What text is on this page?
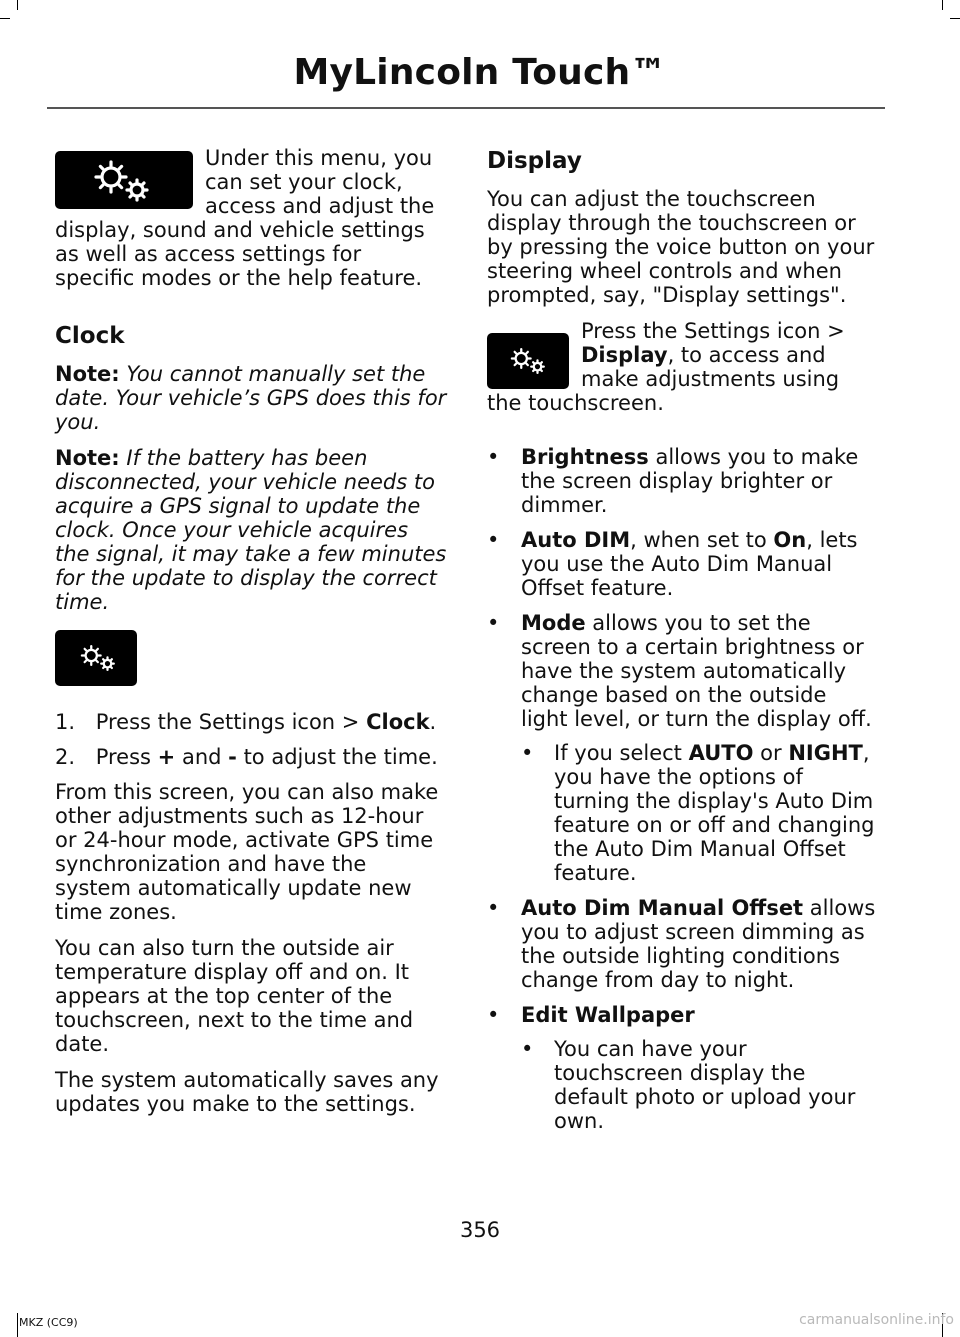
MyLincoln Touch™

Under this menu, you can set your clock, access and adjust the display, sound and vehicle settings as well as access settings for specific modes or the help feature.

Clock

Note: You cannot manually set the date. Your vehicle’s GPS does this for you.

Note: If the battery has been disconnected, your vehicle needs to acquire a GPS signal to update the clock. Once your vehicle acquires the signal, it may take a few minutes for the update to display the correct time.

1. Press the Settings icon > Clock.
2. Press + and - to adjust the time.

From this screen, you can also make other adjustments such as 12-hour or 24-hour mode, activate GPS time synchronization and have the system automatically update new time zones.

You can also turn the outside air temperature display off and on. It appears at the top center of the touchscreen, next to the time and date.

The system automatically saves any updates you make to the settings.

Display

You can adjust the touchscreen display through the touchscreen or by pressing the voice button on your steering wheel controls and when prompted, say, "Display settings".

Press the Settings icon > Display, to access and make adjustments using the touchscreen.

• Brightness allows you to make the screen display brighter or dimmer.
• Auto DIM, when set to On, lets you use the Auto Dim Manual Offset feature.
• Mode allows you to set the screen to a certain brightness or have the system automatically change based on the outside light level, or turn the display off.
• If you select AUTO or NIGHT, you have the options of turning the display's Auto Dim feature on or off and changing the Auto Dim Manual Offset feature.
• Auto Dim Manual Offset allows you to adjust screen dimming as the outside lighting conditions change from day to night.
• Edit Wallpaper
• You can have your touchscreen display the default photo or upload your own.
356
MKZ (CC9)	carmanualsonline.info
